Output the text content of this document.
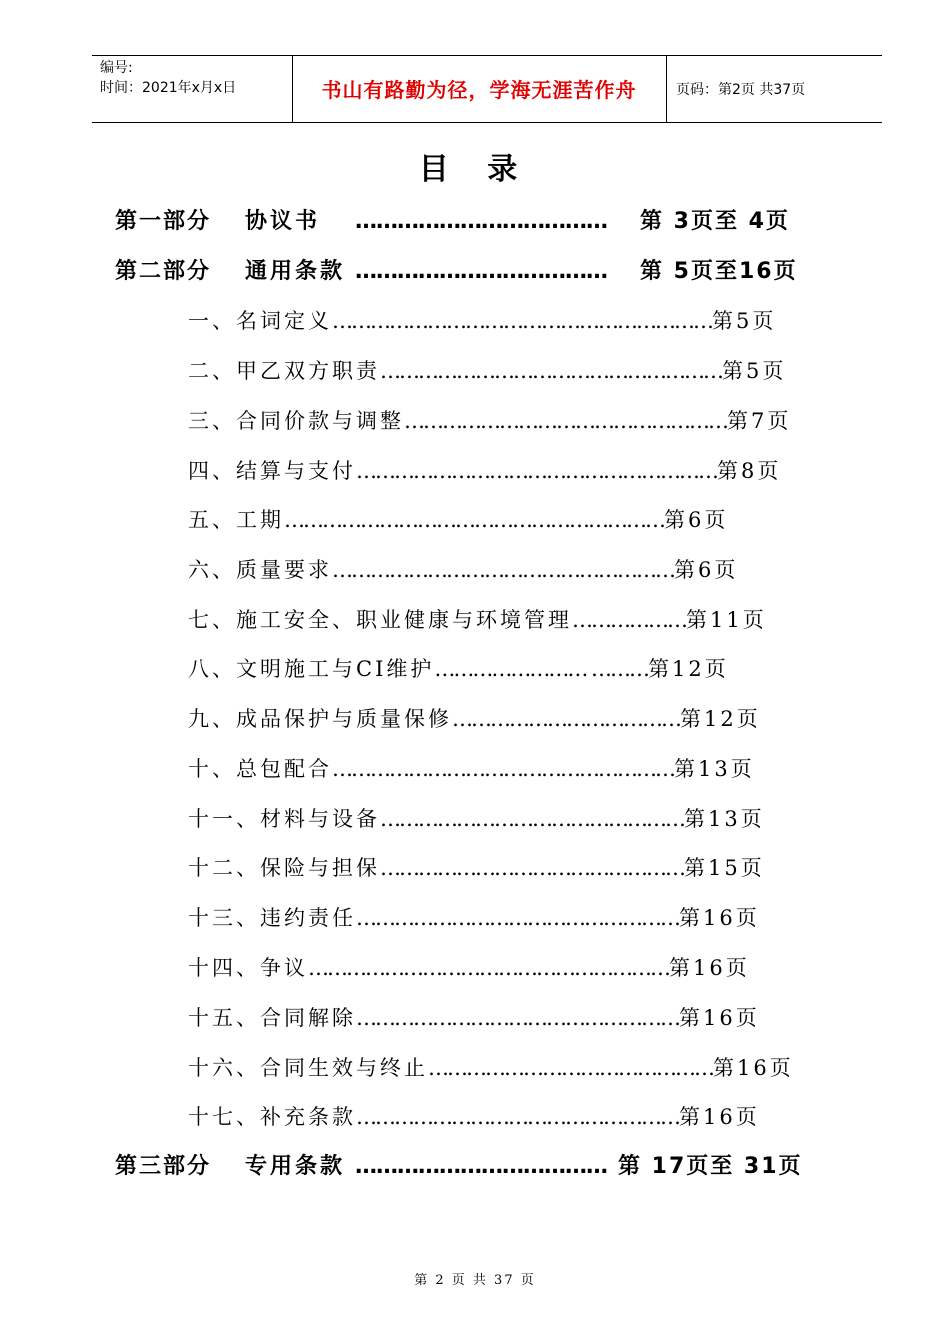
编号:
时间：2021年x月x日	书山有路勤为径，学海无涯苦作舟	页码：第2页 共37页
目 录
第一部分 协议书 ……………………………… 第 3页至 4页
第二部分 通用条款 ……………………………… 第 5页至16页
一、名词定义……………………………………………………第5页
二、甲乙双方职责………………………………………………第5页
三、合同价款与调整……………………………………………第7页
四、结算与支付…………………………………………………第8页
五、工期……………………………………………………第6页
六、质量要求………………………………………………第6页
七、施工安全、职业健康与环境管理………………第11页
八、文明施工与CI维护…………………… ………第12页
九、成品保护与质量保修………………………………第12页
十、总包配合………………………………………………第13页
十一、材料与设备…………………………………………第13页
十二、保险与担保…………………………………………第15页
十三、违约责任……………………………………………第16页
十四、争议…………………………………………………第16页
十五、合同解除……………………………………………第16页
十六、合同生效与终止………………………………………第16页
十七、补充条款……………………………………………第16页
第三部分 专用条款 ……………………………… 第 17页至 31页
第 2 页 共 37 页
